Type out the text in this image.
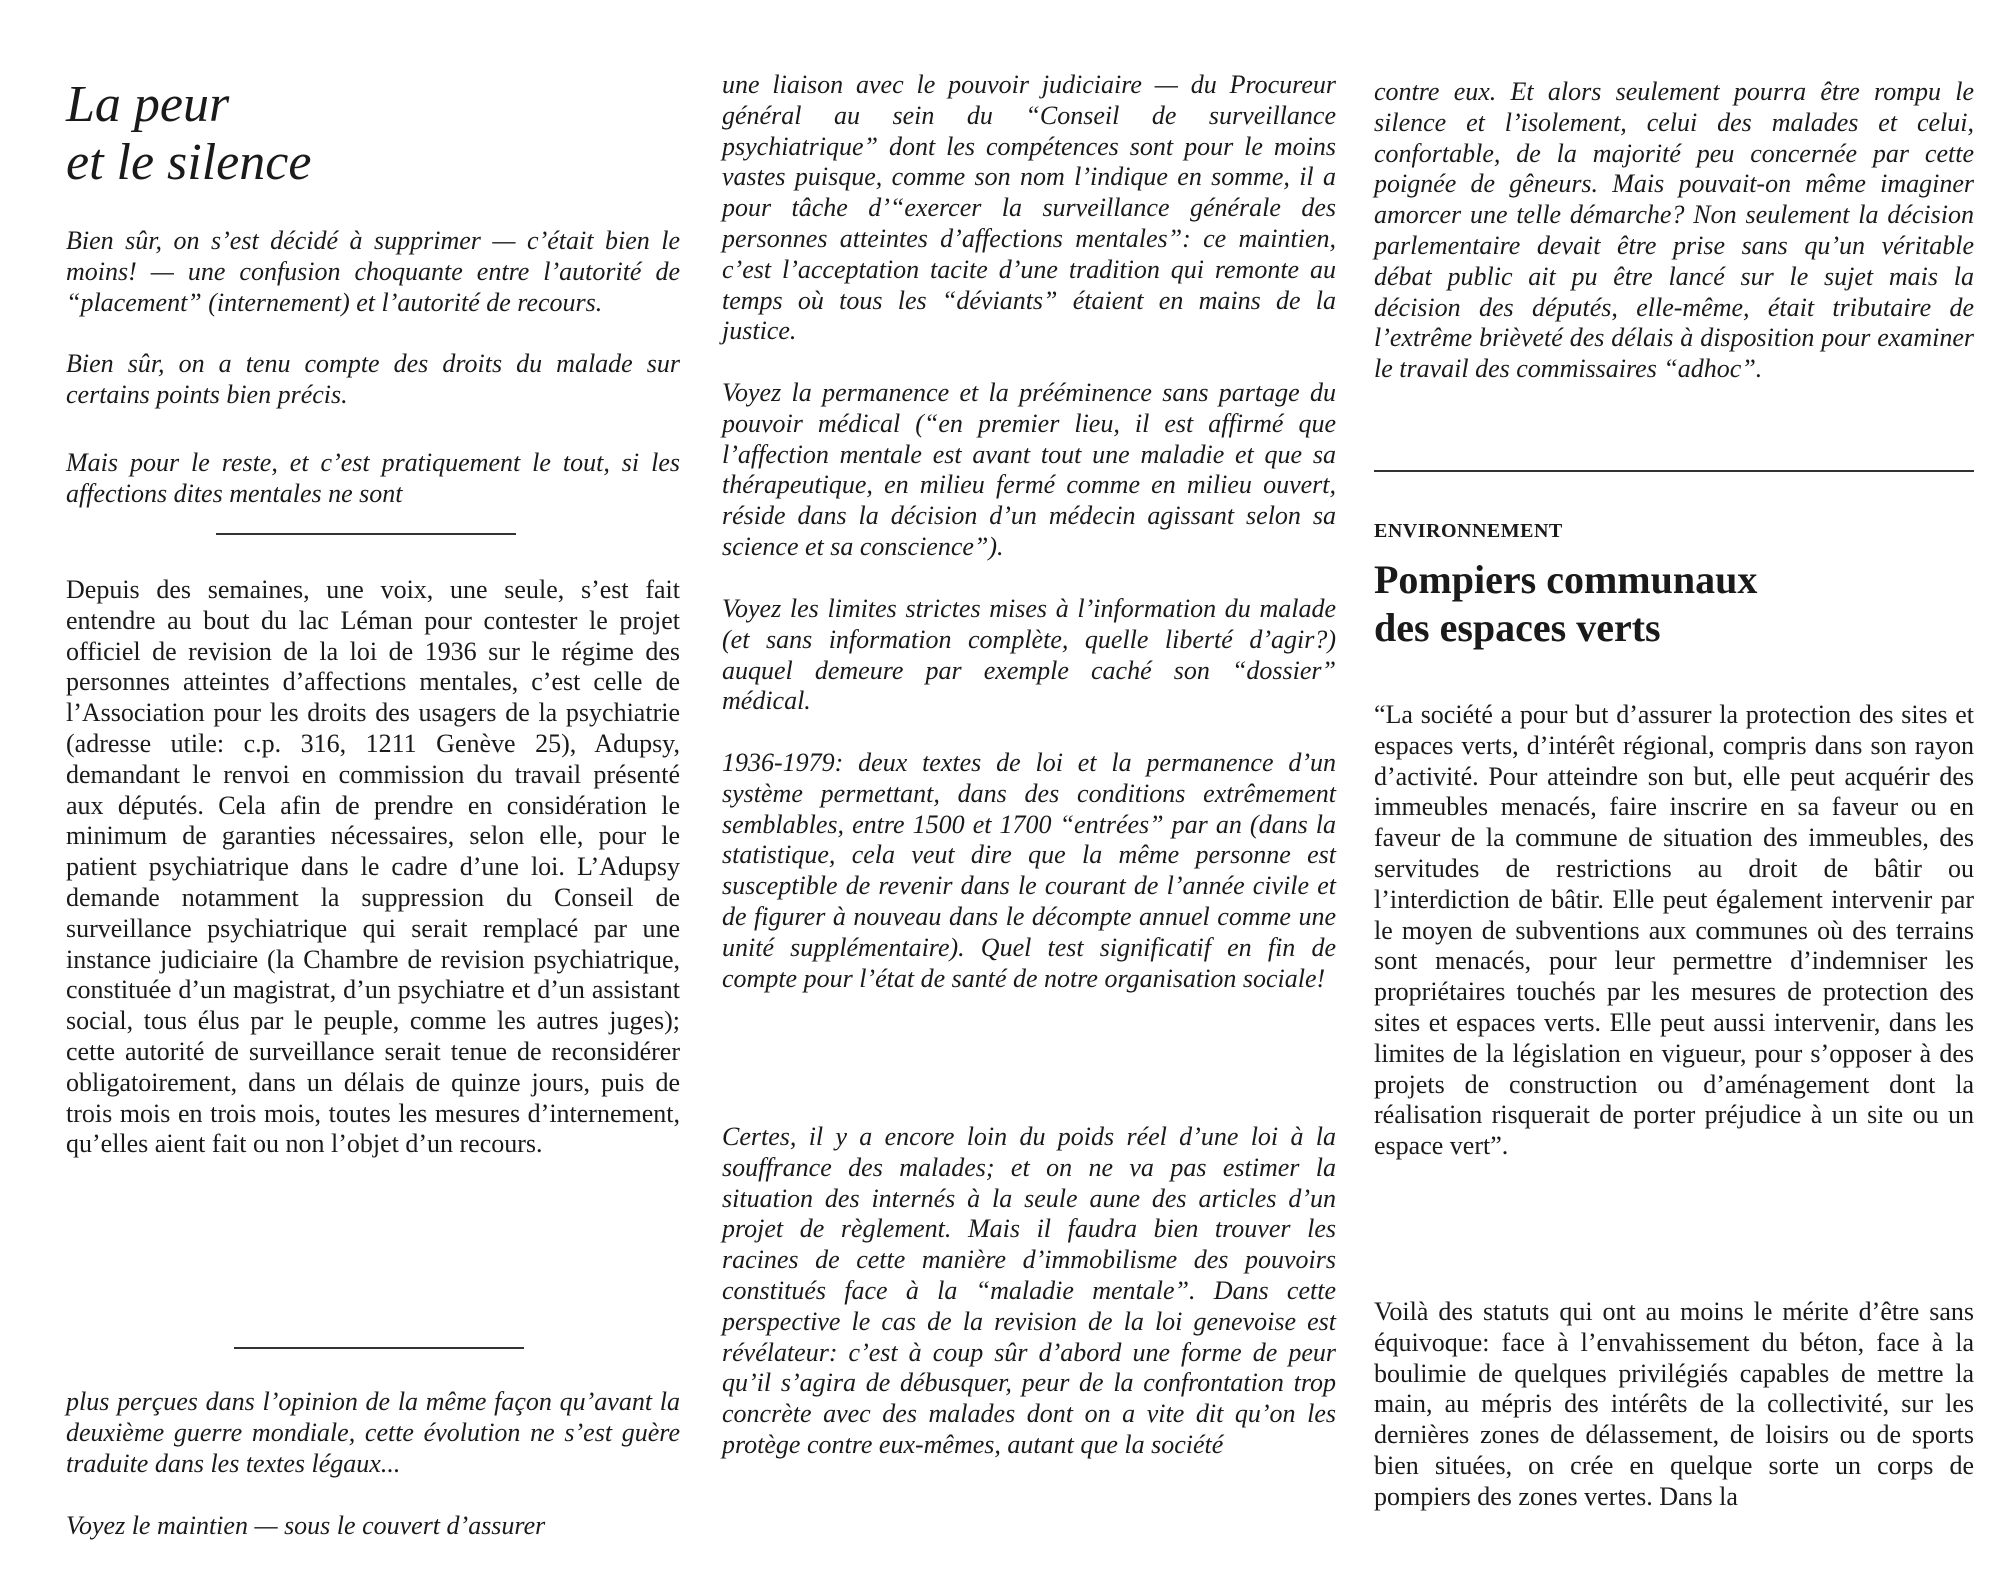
La peur
et le silence

Bien sûr, on s’est décidé à supprimer — c’était bien le moins! — une confusion choquante entre l’autorité de “placement” (internement) et l’autorité de recours.

Bien sûr, on a tenu compte des droits du malade sur certains points bien précis.

Mais pour le reste, et c’est pratiquement le tout, si les affections dites mentales ne sont

Depuis des semaines, une voix, une seule, s’est fait entendre au bout du lac Léman pour contester le projet officiel de revision de la loi de 1936 sur le régime des personnes atteintes d’affections mentales, c’est celle de l’Association pour les droits des usagers de la psychiatrie (adresse utile: c.p. 316, 1211 Genève 25), Adupsy, demandant le renvoi en commission du travail présenté aux députés. Cela afin de prendre en considération le minimum de garanties nécessaires, selon elle, pour le patient psychiatrique dans le cadre d’une loi. L’Adupsy demande notamment la suppression du Conseil de surveillance psychiatrique qui serait remplacé par une instance judiciaire (la Chambre de revision psychiatrique, constituée d’un magistrat, d’un psychiatre et d’un assistant social, tous élus par le peuple, comme les autres juges); cette autorité de surveillance serait tenue de reconsidérer obligatoirement, dans un délais de quinze jours, puis de trois mois en trois mois, toutes les mesures d’internement, qu’elles aient fait ou non l’objet d’un recours.

plus perçues dans l’opinion de la même façon qu’avant la deuxième guerre mondiale, cette évolution ne s’est guère traduite dans les textes légaux...

Voyez le maintien — sous le couvert d’assurer

une liaison avec le pouvoir judiciaire — du Procureur général au sein du “Conseil de surveillance psychiatrique” dont les compétences sont pour le moins vastes puisque, comme son nom l’indique en somme, il a pour tâche d’“exercer la surveillance générale des personnes atteintes d’affections mentales”: ce maintien, c’est l’acceptation tacite d’une tradition qui remonte au temps où tous les “déviants” étaient en mains de la justice.

Voyez la permanence et la prééminence sans partage du pouvoir médical (“en premier lieu, il est affirmé que l’affection mentale est avant tout une maladie et que sa thérapeutique, en milieu fermé comme en milieu ouvert, réside dans la décision d’un médecin agissant selon sa science et sa conscience”).

Voyez les limites strictes mises à l’information du malade (et sans information complète, quelle liberté d’agir?) auquel demeure par exemple caché son “dossier” médical.

1936-1979: deux textes de loi et la permanence d’un système permettant, dans des conditions extrêmement semblables, entre 1500 et 1700 “entrées” par an (dans la statistique, cela veut dire que la même personne est susceptible de revenir dans le courant de l’année civile et de figurer à nouveau dans le décompte annuel comme une unité supplémentaire). Quel test significatif en fin de compte pour l’état de santé de notre organisation sociale!

Certes, il y a encore loin du poids réel d’une loi à la souffrance des malades; et on ne va pas estimer la situation des internés à la seule aune des articles d’un projet de règlement. Mais il faudra bien trouver les racines de cette manière d’immobilisme des pouvoirs constitués face à la “maladie mentale”. Dans cette perspective le cas de la revision de la loi genevoise est révélateur: c’est à coup sûr d’abord une forme de peur qu’il s’agira de débusquer, peur de la confrontation trop concrète avec des malades dont on a vite dit qu’on les protège contre eux-mêmes, autant que la société

contre eux. Et alors seulement pourra être rompu le silence et l’isolement, celui des malades et celui, confortable, de la majorité peu concernée par cette poignée de gêneurs. Mais pouvait-on même imaginer amorcer une telle démarche? Non seulement la décision parlementaire devait être prise sans qu’un véritable débat public ait pu être lancé sur le sujet mais la décision des députés, elle-même, était tributaire de l’extrême brièveté des délais à disposition pour examiner le travail des commissaires “adhoc”.

ENVIRONNEMENT

Pompiers communaux
des espaces verts

“La société a pour but d’assurer la protection des sites et espaces verts, d’intérêt régional, compris dans son rayon d’activité. Pour atteindre son but, elle peut acquérir des immeubles menacés, faire inscrire en sa faveur ou en faveur de la commune de situation des immeubles, des servitudes de restrictions au droit de bâtir ou l’interdiction de bâtir. Elle peut également intervenir par le moyen de subventions aux communes où des terrains sont menacés, pour leur permettre d’indemniser les propriétaires touchés par les mesures de protection des sites et espaces verts. Elle peut aussi intervenir, dans les limites de la législation en vigueur, pour s’opposer à des projets de construction ou d’aménagement dont la réalisation risquerait de porter préjudice à un site ou un espace vert”.

Voilà des statuts qui ont au moins le mérite d’être sans équivoque: face à l’envahissement du béton, face à la boulimie de quelques privilégiés capables de mettre la main, au mépris des intérêts de la collectivité, sur les dernières zones de délassement, de loisirs ou de sports bien situées, on crée en quelque sorte un corps de pompiers des zones vertes. Dans la
